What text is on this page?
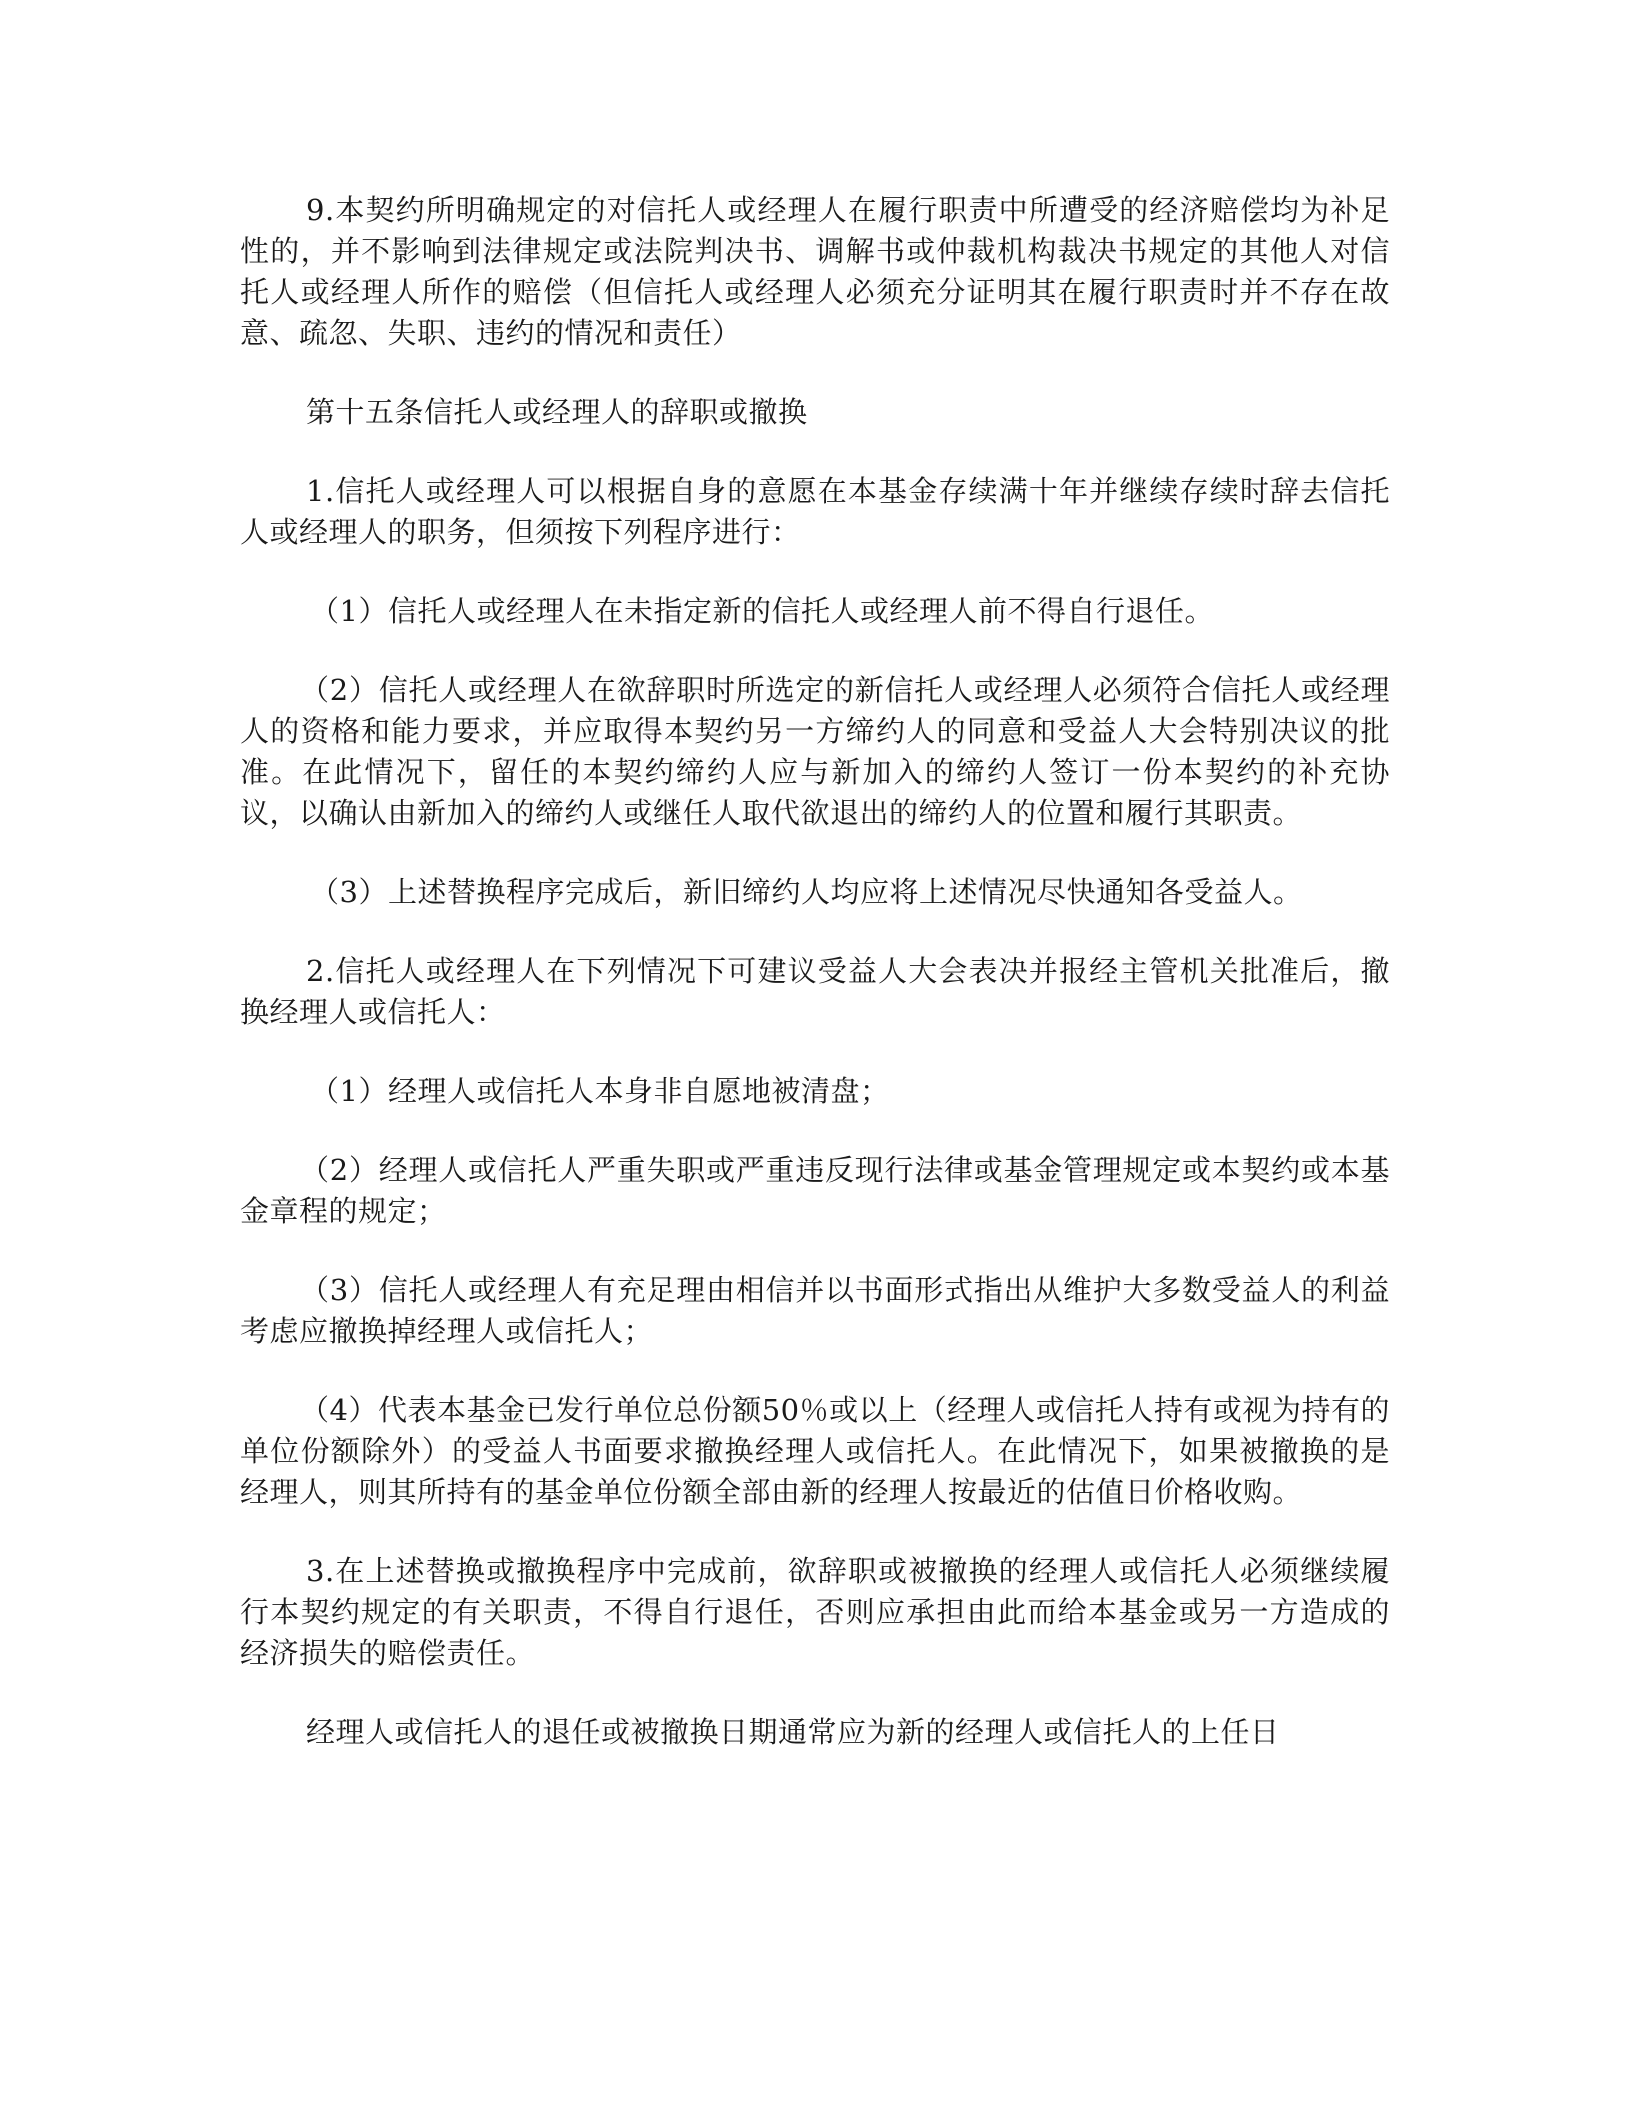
9.本契约所明确规定的对信托人或经理人在履行职责中所遭受的经济赔偿均为补足性的，并不影响到法律规定或法院判决书、调解书或仲裁机构裁决书规定的其他人对信托人或经理人所作的赔偿（但信托人或经理人必须充分证明其在履行职责时并不存在故意、疏忽、失职、违约的情况和责任）

第十五条信托人或经理人的辞职或撤换

1.信托人或经理人可以根据自身的意愿在本基金存续满十年并继续存续时辞去信托人或经理人的职务，但须按下列程序进行：

（1）信托人或经理人在未指定新的信托人或经理人前不得自行退任。

（2）信托人或经理人在欲辞职时所选定的新信托人或经理人必须符合信托人或经理人的资格和能力要求，并应取得本契约另一方缔约人的同意和受益人大会特别决议的批准。在此情况下，留任的本契约缔约人应与新加入的缔约人签订一份本契约的补充协议，以确认由新加入的缔约人或继任人取代欲退出的缔约人的位置和履行其职责。

（3）上述替换程序完成后，新旧缔约人均应将上述情况尽快通知各受益人。

2.信托人或经理人在下列情况下可建议受益人大会表决并报经主管机关批准后，撤换经理人或信托人：

（1）经理人或信托人本身非自愿地被清盘；

（2）经理人或信托人严重失职或严重违反现行法律或基金管理规定或本契约或本基金章程的规定；

（3）信托人或经理人有充足理由相信并以书面形式指出从维护大多数受益人的利益考虑应撤换掉经理人或信托人；

（4）代表本基金已发行单位总份额50％或以上（经理人或信托人持有或视为持有的单位份额除外）的受益人书面要求撤换经理人或信托人。在此情况下，如果被撤换的是经理人，则其所持有的基金单位份额全部由新的经理人按最近的估值日价格收购。

3.在上述替换或撤换程序中完成前，欲辞职或被撤换的经理人或信托人必须继续履行本契约规定的有关职责，不得自行退任，否则应承担由此而给本基金或另一方造成的经济损失的赔偿责任。

经理人或信托人的退任或被撤换日期通常应为新的经理人或信托人的上任日
